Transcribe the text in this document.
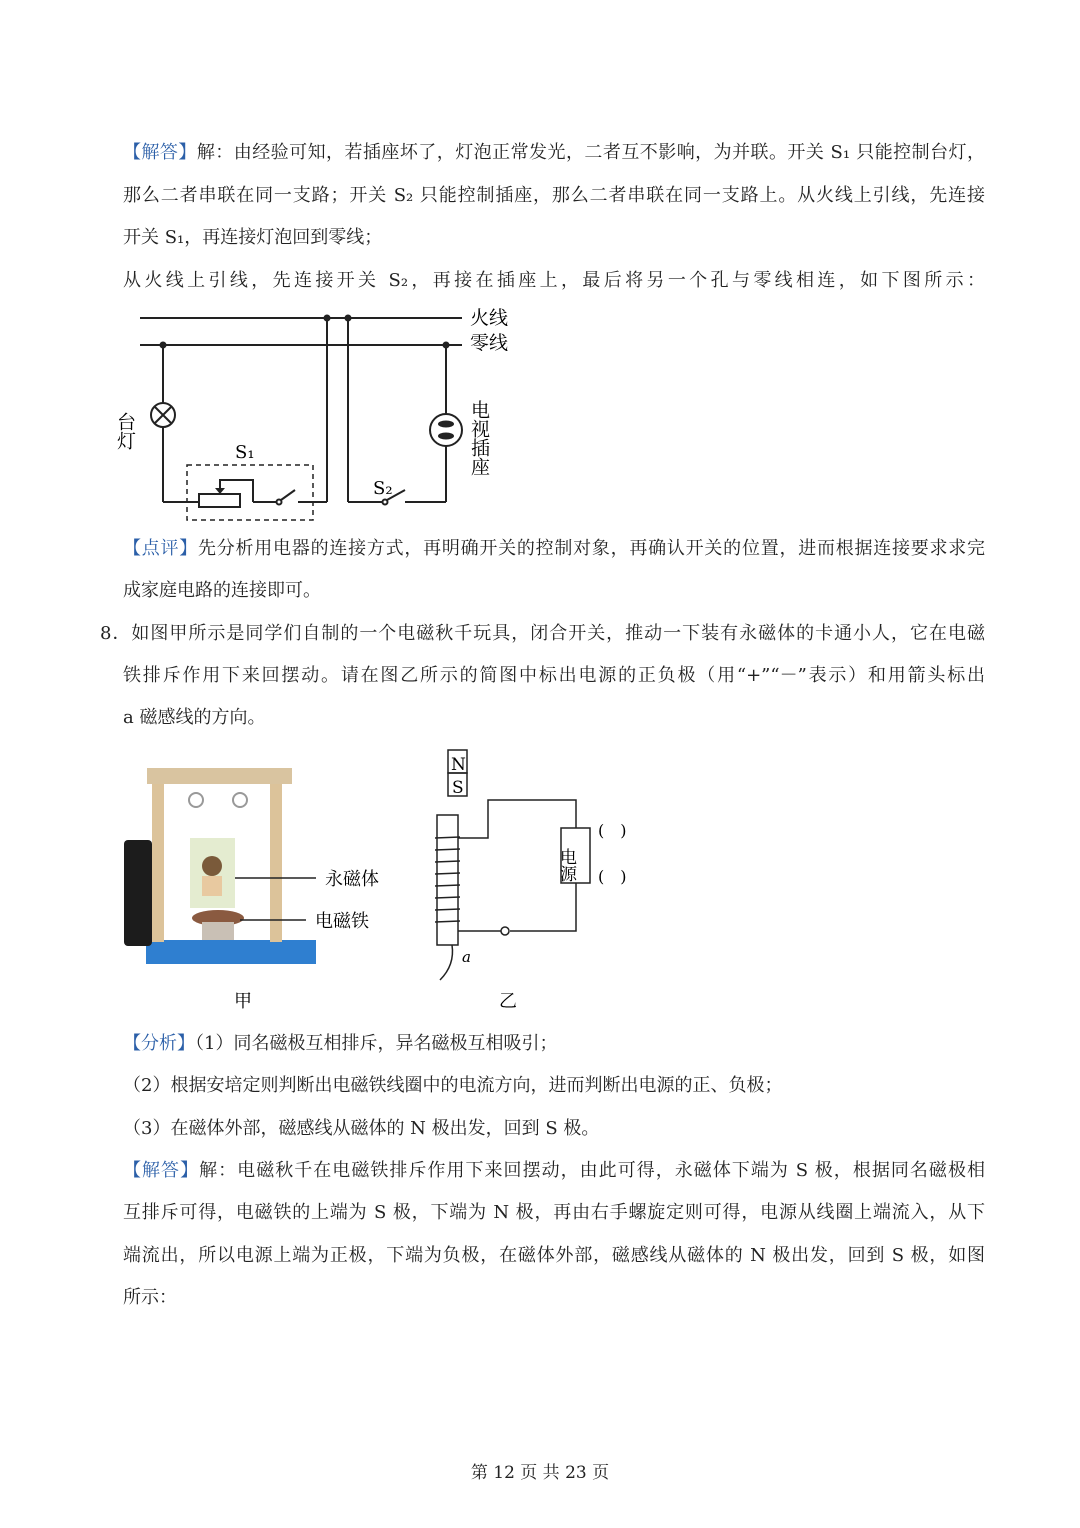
【解答】解：由经验可知，若插座坏了，灯泡正常发光，二者互不影响，为并联。开关 S₁ 只能控制台灯，
那么二者串联在同一支路；开关 S₂ 只能控制插座，那么二者串联在同一支路上。从火线上引线，先连接
开关 S₁，再连接灯泡回到零线；
从火线上引线，先连接开关 S₂，再接在插座上，最后将另一个孔与零线相连，如下图所示：
火线
零线
台灯
S₁
S₂
电视插座
【点评】先分析用电器的连接方式，再明确开关的控制对象，再确认开关的位置，进而根据连接要求求完
成家庭电路的连接即可。
8．如图甲所示是同学们自制的一个电磁秋千玩具，闭合开关，推动一下装有永磁体的卡通小人，它在电磁
铁排斥作用下来回摆动。请在图乙所示的简图中标出电源的正负极（用“+”“－”表示）和用箭头标出
a 磁感线的方向。
永磁体
电磁铁
甲
N
S
电源
(　)
(　)
a
乙
【分析】（1）同名磁极互相排斥，异名磁极互相吸引；
（2）根据安培定则判断出电磁铁线圈中的电流方向，进而判断出电源的正、负极；
（3）在磁体外部，磁感线从磁体的 N 极出发，回到 S 极。
【解答】解：电磁秋千在电磁铁排斥作用下来回摆动，由此可得，永磁体下端为 S 极，根据同名磁极相
互排斥可得，电磁铁的上端为 S 极，下端为 N 极，再由右手螺旋定则可得，电源从线圈上端流入，从下
端流出，所以电源上端为正极，下端为负极，在磁体外部，磁感线从磁体的 N 极出发，回到 S 极，如图
所示：
第 12 页 共 23 页
